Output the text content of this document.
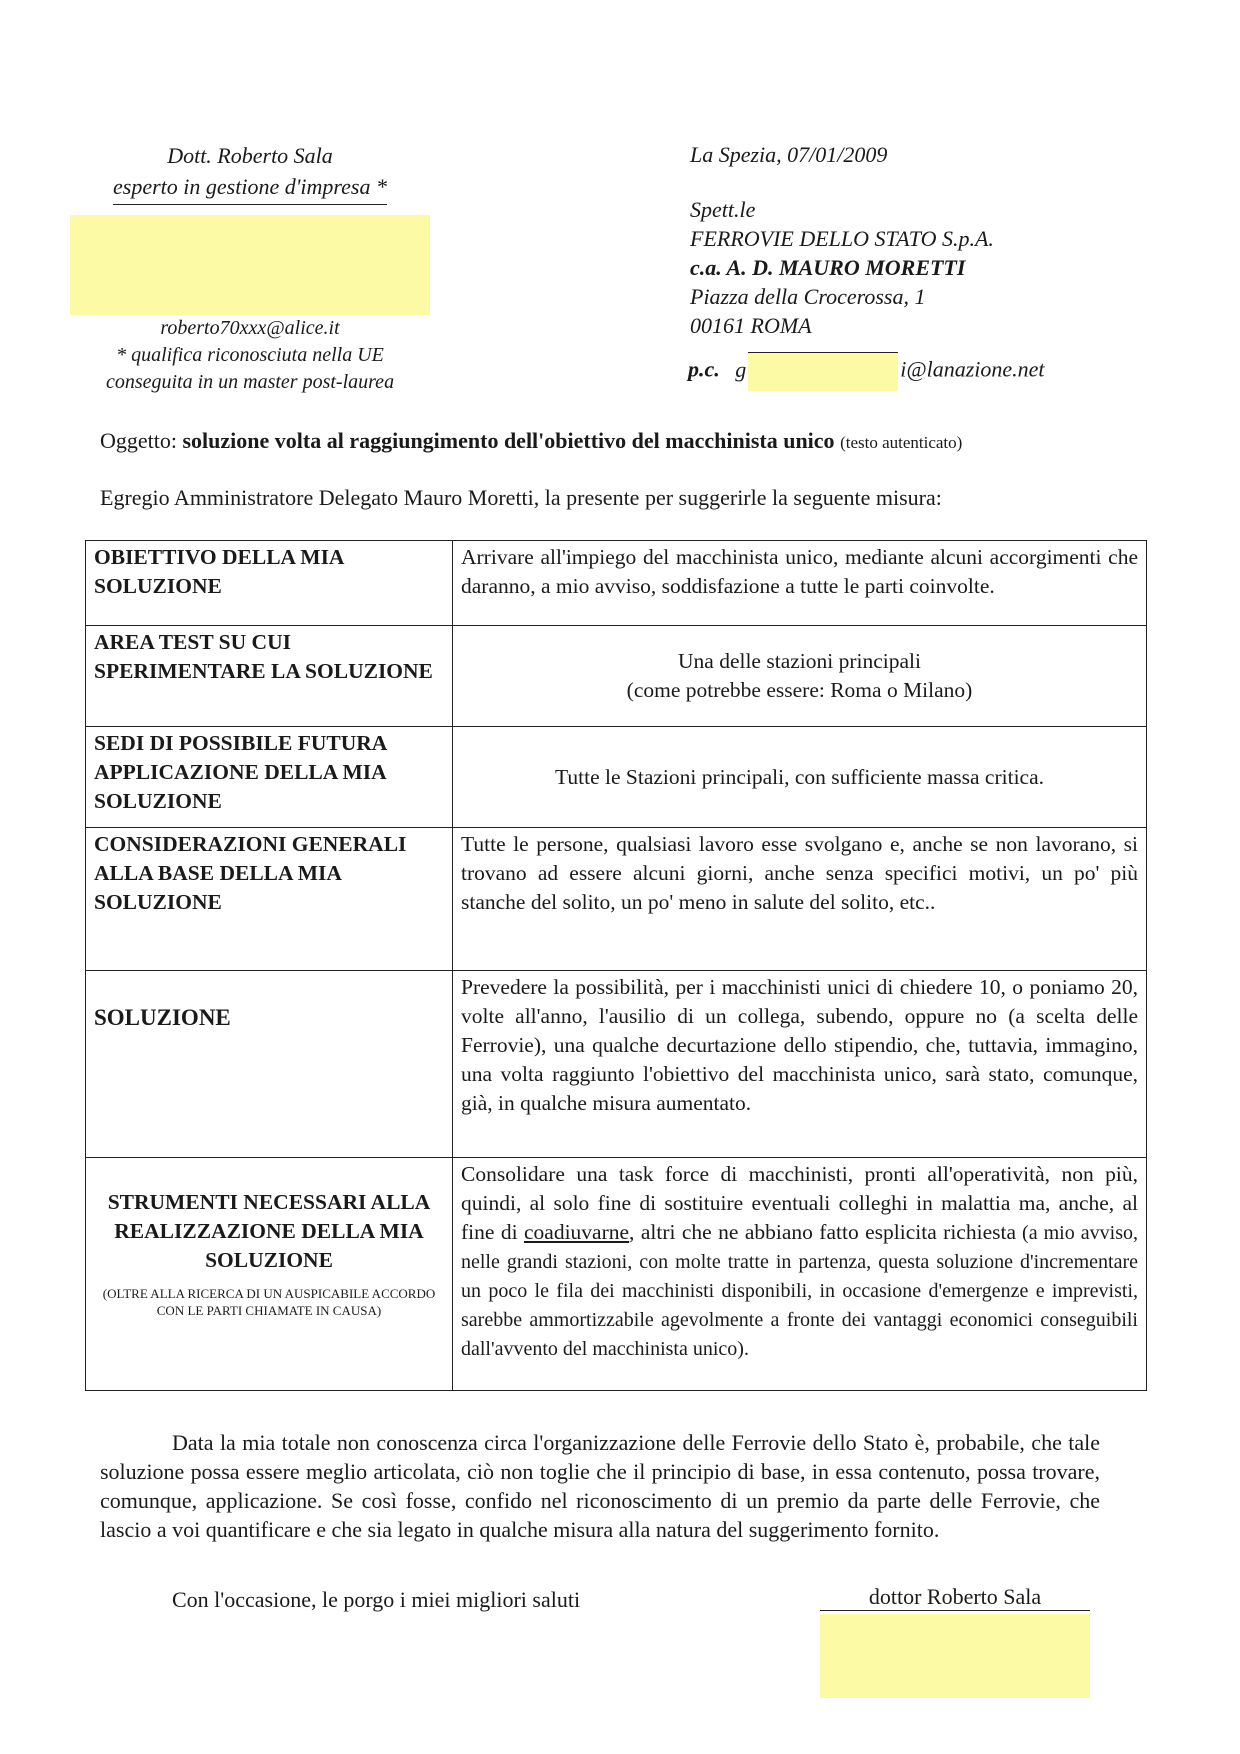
Dott. Roberto Sala
esperto in gestione d'impresa *
roberto70xxx@alice.it
* qualifica riconosciuta nella UE
conseguita in un master post-laurea
La Spezia, 07/01/2009
Spett.le
FERROVIE DELLO STATO S.p.A.
c.a. A. D. MAURO MORETTI
Piazza della Crocerossa, 1
00161 ROMA
p.c. g	i@lanazione.net
Oggetto: soluzione volta al raggiungimento dell'obiettivo del macchinista unico (testo autenticato)
Egregio Amministratore Delegato Mauro Moretti, la presente per suggerirle la seguente misura:
OBIETTIVO DELLA MIA SOLUZIONE	Arrivare all'impiego del macchinista unico, mediante alcuni accorgimenti che daranno, a mio avviso, soddisfazione a tutte le parti coinvolte.
AREA TEST SU CUI SPERIMENTARE LA SOLUZIONE	Una delle stazioni principali
(come potrebbe essere: Roma o Milano)

SEDI DI POSSIBILE FUTURA APPLICAZIONE DELLA MIA SOLUZIONE	Tutte le Stazioni principali, con sufficiente massa critica.
CONSIDERAZIONI GENERALI ALLA BASE DELLA MIA SOLUZIONE	Tutte le persone, qualsiasi lavoro esse svolgano e, anche se non lavorano, si trovano ad essere alcuni giorni, anche senza specifici motivi, un po' più stanche del solito, un po' meno in salute del solito, etc..

SOLUZIONE	Prevedere la possibilità, per i macchinisti unici di chiedere 10, o poniamo 20, volte all'anno, l'ausilio di un collega, subendo, oppure no (a scelta delle Ferrovie), una qualche decurtazione dello stipendio, che, tuttavia, immagino, una volta raggiunto l'obiettivo del macchinista unico, sarà stato, comunque, già, in qualche misura aumentato.

STRUMENTI NECESSARI ALLA REALIZZAZIONE DELLA MIA SOLUZIONE
(OLTRE ALLA RICERCA DI UN AUSPICABILE ACCORDO CON LE PARTI CHIAMATE IN CAUSA)	Consolidare una task force di macchinisti, pronti all'operatività, non più, quindi, al solo fine di sostituire eventuali colleghi in malattia ma, anche, al fine di coadiuvarne, altri che ne abbiano fatto esplicita richiesta (a mio avviso, nelle grandi stazioni, con molte tratte in partenza, questa soluzione d'incrementare un poco le fila dei macchinisti disponibili, in occasione d'emergenze e imprevisti, sarebbe ammortizzabile agevolmente a fronte dei vantaggi economici conseguibili dall'avvento del macchinista unico).
Data la mia totale non conoscenza circa l'organizzazione delle Ferrovie dello Stato è, probabile, che tale soluzione possa essere meglio articolata, ciò non toglie che il principio di base, in essa contenuto, possa trovare, comunque, applicazione. Se così fosse, confido nel riconoscimento di un premio da parte delle Ferrovie, che lascio a voi quantificare e che sia legato in qualche misura alla natura del suggerimento fornito.
Con l'occasione, le porgo i miei migliori saluti	dottor Roberto Sala
